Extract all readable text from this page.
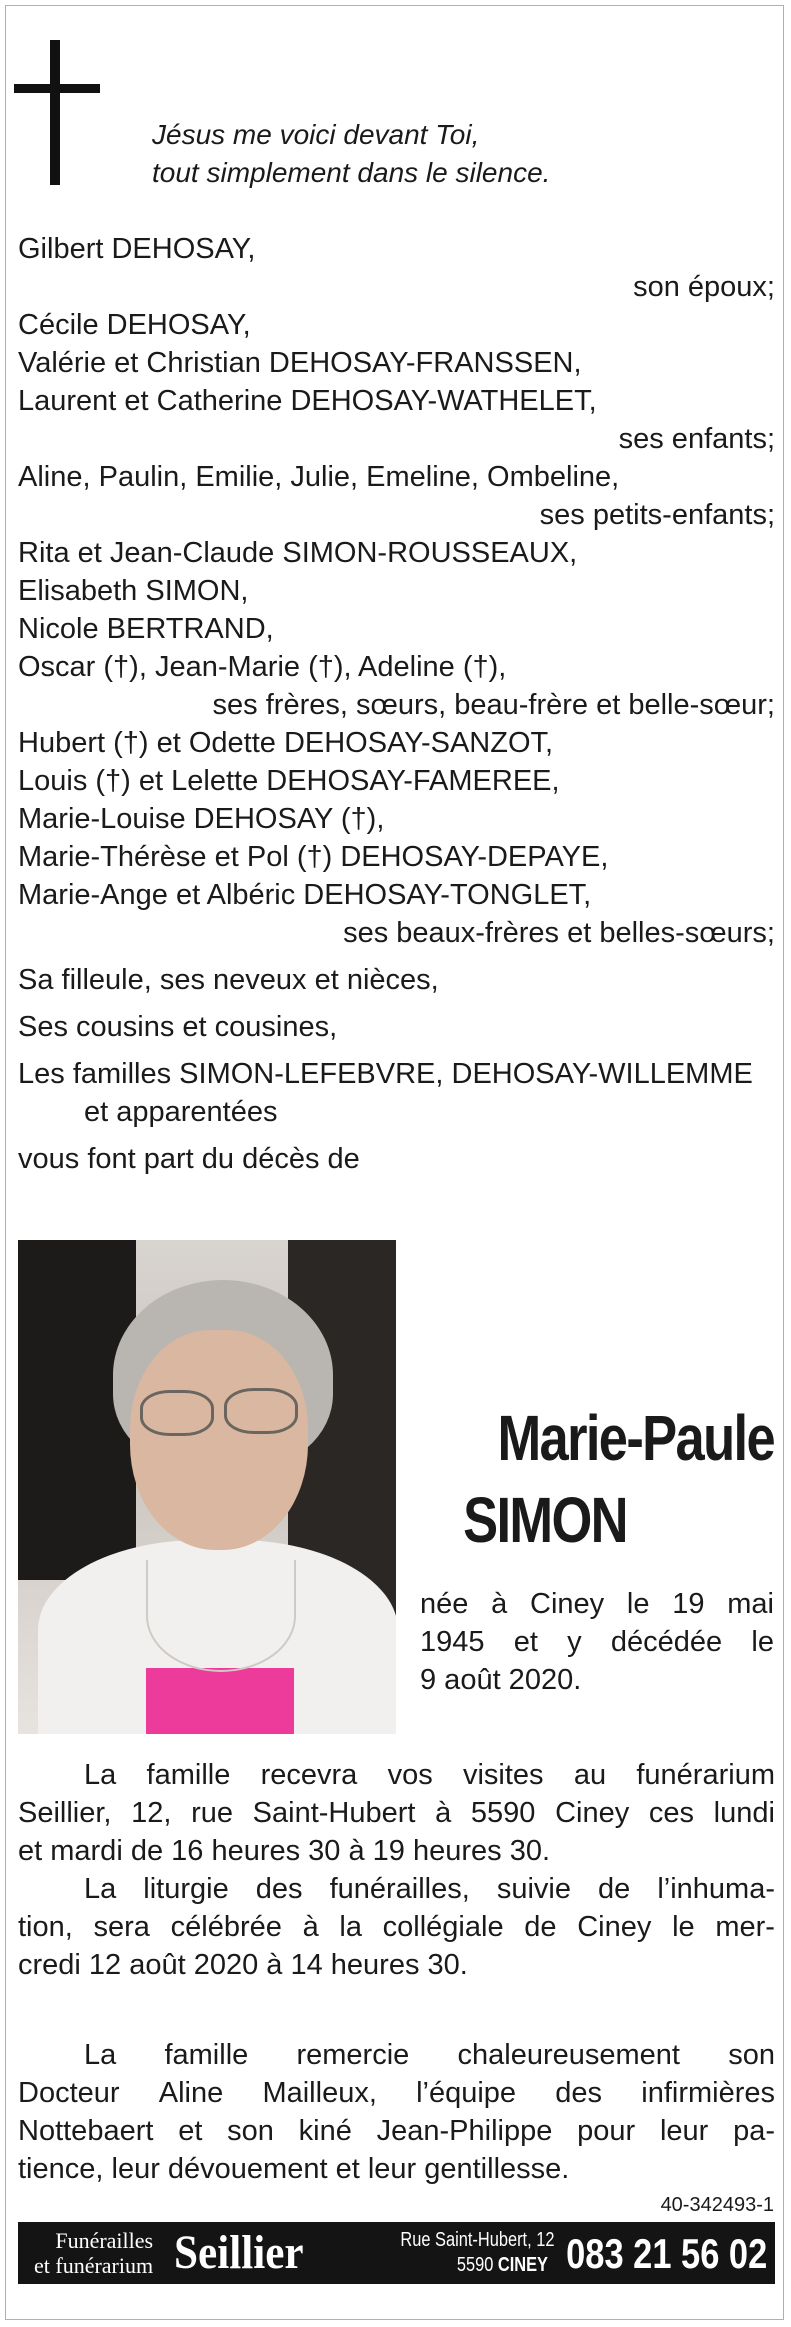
Jésus me voici devant Toi,
tout simplement dans le silence.
Gilbert DEHOSAY,
son époux;
Cécile DEHOSAY,
Valérie et Christian DEHOSAY-FRANSSEN,
Laurent et Catherine DEHOSAY-WATHELET,
ses enfants;
Aline, Paulin, Emilie, Julie, Emeline, Ombeline,
ses petits-enfants;
Rita et Jean-Claude SIMON-ROUSSEAUX,
Elisabeth SIMON,
Nicole BERTRAND,
Oscar (†), Jean-Marie (†), Adeline (†),
ses frères, sœurs, beau-frère et belle-sœur;
Hubert (†) et Odette DEHOSAY-SANZOT,
Louis (†) et Lelette DEHOSAY-FAMEREE,
Marie-Louise DEHOSAY (†),
Marie-Thérèse et Pol (†) DEHOSAY-DEPAYE,
Marie-Ange et Albéric DEHOSAY-TONGLET,
ses beaux-frères et belles-sœurs;
Sa filleule, ses neveux et nièces,
Ses cousins et cousines,
Les familles SIMON-LEFEBVRE, DEHOSAY-WILLEMME
et apparentées
vous font part du décès de
Marie-Paule
SIMON
née à Ciney le 19 mai
1945 et y décédée le
9 août 2020.
La famille recevra vos visites au funérarium
Seillier, 12, rue Saint-Hubert à 5590 Ciney ces lundi
et mardi de 16 heures 30 à 19 heures 30.
La liturgie des funérailles, suivie de l’inhuma-
tion, sera célébrée à la collégiale de Ciney le mer-
credi 12 août 2020 à 14 heures 30.
La famille remercie chaleureusement son
Docteur Aline Mailleux, l’équipe des infirmières
Nottebaert et son kiné Jean-Philippe pour leur pa-
tience, leur dévouement et leur gentillesse.
40-342493-1
Funérailles
et funérarium Seillier	Rue Saint-Hubert, 12
5590 CINEY 083 21 56 02
